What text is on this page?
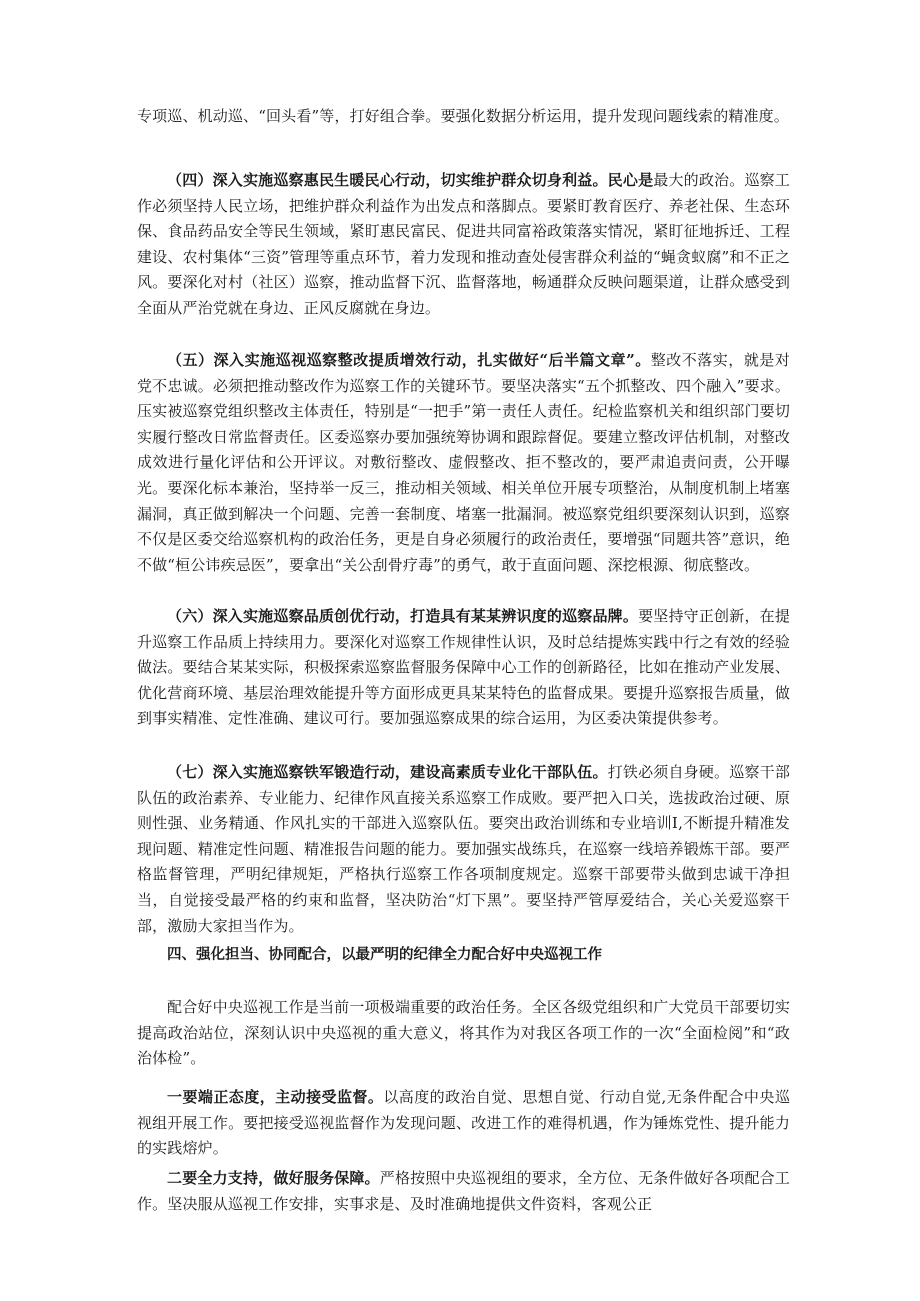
专项巡、机动巡、“回头看”等，打好组合拳。要强化数据分析运用，提升发现问题线索的精准度。

（四）深入实施巡察惠民生暖民心行动，切实维护群众切身利益。民心是最大的政治。巡察工作必须坚持人民立场，把维护群众利益作为出发点和落脚点。要紧盯教育医疗、养老社保、生态环保、食品药品安全等民生领域，紧盯惠民富民、促进共同富裕政策落实情况，紧盯征地拆迁、工程建设、农村集体“三资”管理等重点环节，着力发现和推动查处侵害群众利益的“蝇贪蚁腐”和不正之风。要深化对村（社区）巡察，推动监督下沉、监督落地，畅通群众反映问题渠道，让群众感受到全面从严治党就在身边、正风反腐就在身边。

（五）深入实施巡视巡察整改提质增效行动，扎实做好“后半篇文章”。整改不落实，就是对党不忠诚。必须把推动整改作为巡察工作的关键环节。要坚决落实“五个抓整改、四个融入”要求。压实被巡察党组织整改主体责任，特别是“一把手”第一责任人责任。纪检监察机关和组织部门要切实履行整改日常监督责任。区委巡察办要加强统筹协调和跟踪督促。要建立整改评估机制，对整改成效进行量化评估和公开评议。对敷衍整改、虚假整改、拒不整改的，要严肃追责问责，公开曝光。要深化标本兼治，坚持举一反三，推动相关领域、相关单位开展专项整治，从制度机制上堵塞漏洞，真正做到解决一个问题、完善一套制度、堵塞一批漏洞。被巡察党组织要深刻认识到，巡察不仅是区委交给巡察机构的政治任务，更是自身必须履行的政治责任，要增强“同题共答”意识，绝不做“桓公讳疾忌医”，要拿出“关公刮骨疗毒”的勇气，敢于直面问题、深挖根源、彻底整改。

（六）深入实施巡察品质创优行动，打造具有某某辨识度的巡察品牌。要坚持守正创新，在提升巡察工作品质上持续用力。要深化对巡察工作规律性认识，及时总结提炼实践中行之有效的经验做法。要结合某某实际，积极探索巡察监督服务保障中心工作的创新路径，比如在推动产业发展、优化营商环境、基层治理效能提升等方面形成更具某某特色的监督成果。要提升巡察报告质量，做到事实精准、定性准确、建议可行。要加强巡察成果的综合运用，为区委决策提供参考。

（七）深入实施巡察铁军锻造行动，建设高素质专业化干部队伍。打铁必须自身硬。巡察干部队伍的政治素养、专业能力、纪律作风直接关系巡察工作成败。要严把入口关，选拔政治过硬、原则性强、业务精通、作风扎实的干部进入巡察队伍。要突出政治训练和专业培训Ⅰ,不断提升精准发现问题、精准定性问题、精准报告问题的能力。要加强实战练兵，在巡察一线培养锻炼干部。要严格监督管理，严明纪律规矩，严格执行巡察工作各项制度规定。巡察干部要带头做到忠诚干净担当，自觉接受最严格的约束和监督，坚决防治“灯下黑”。要坚持严管厚爱结合，关心关爱巡察干部，激励大家担当作为。

四、强化担当、协同配合，以最严明的纪律全力配合好中央巡视工作

配合好中央巡视工作是当前一项极端重要的政治任务。全区各级党组织和广大党员干部要切实提高政治站位，深刻认识中央巡视的重大意义，将其作为对我区各项工作的一次“全面检阅”和“政治体检”。

一要端正态度，主动接受监督。以高度的政治自觉、思想自觉、行动自觉,无条件配合中央巡视组开展工作。要把接受巡视监督作为发现问题、改进工作的难得机遇，作为锤炼党性、提升能力的实践熔炉。

二要全力支持，做好服务保障。严格按照中央巡视组的要求，全方位、无条件做好各项配合工作。坚决服从巡视工作安排，实事求是、及时准确地提供文件资料，客观公正
